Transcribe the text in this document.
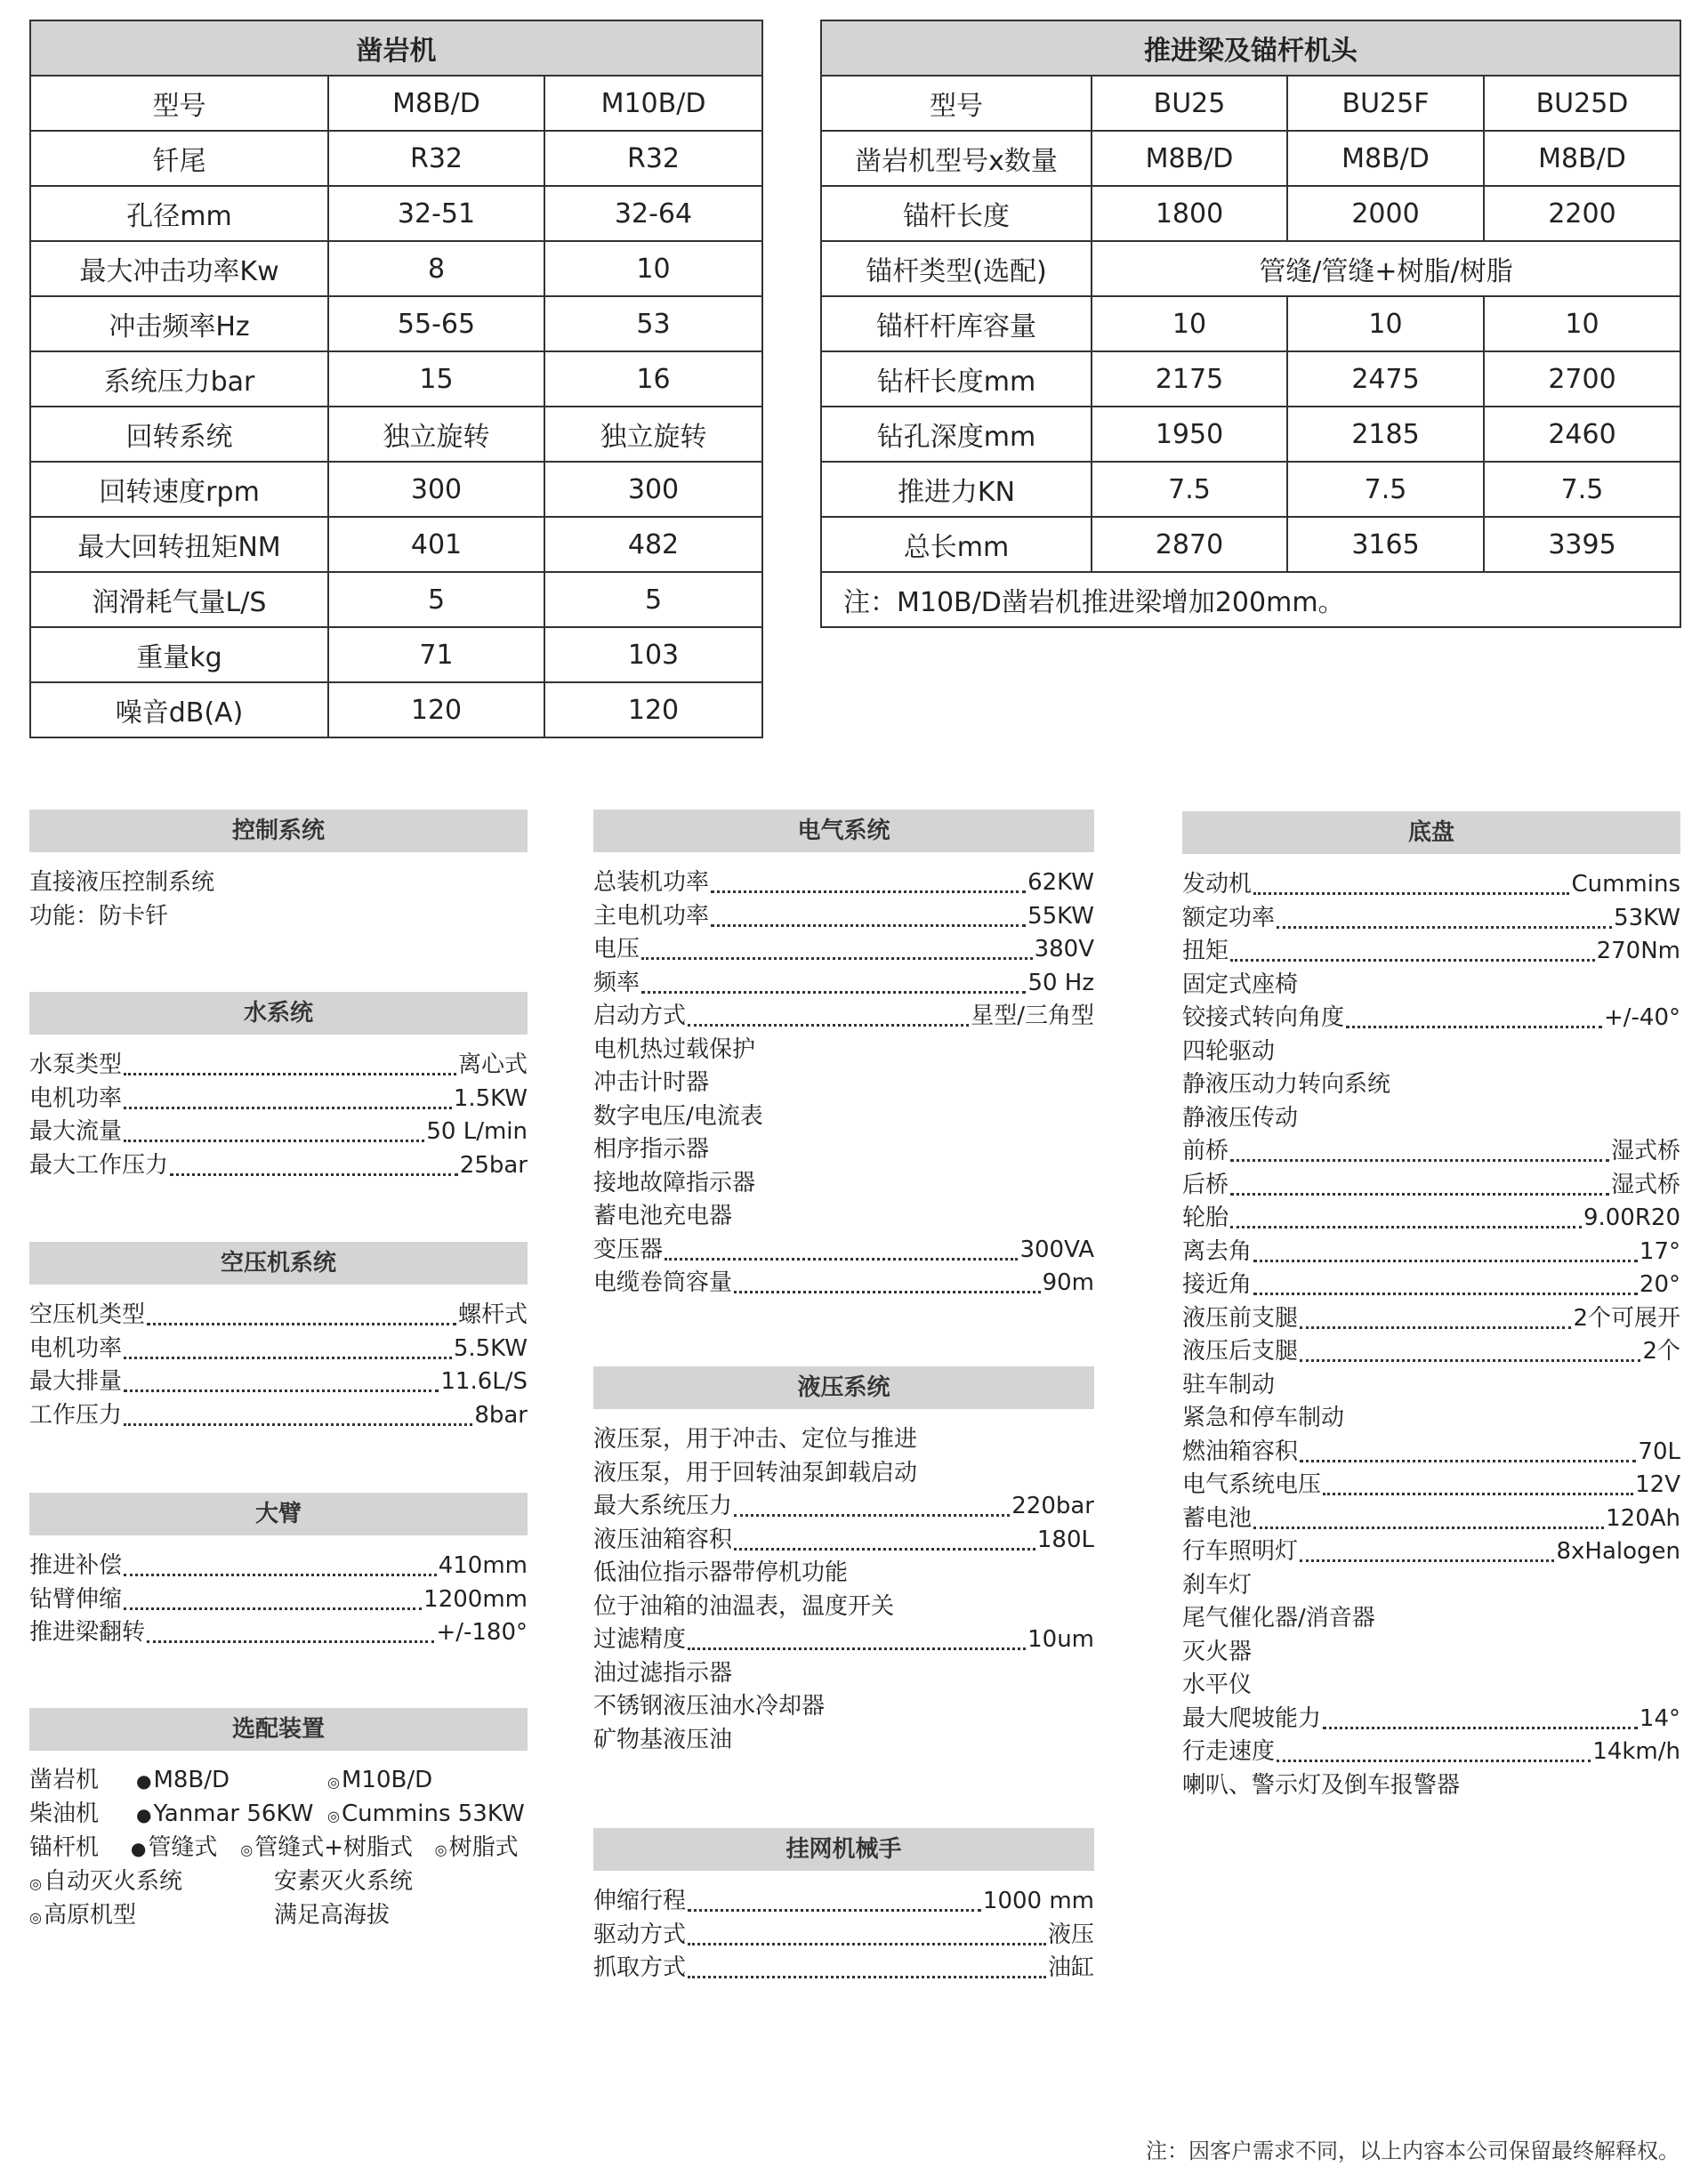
凿岩机		
型号	M8B/D	M10B/D
钎尾	R32	R32
孔径mm	32-51	32-64
最大冲击功率Kw	8	10
冲击频率Hz	55-65	53
系统压力bar	15	16
回转系统	独立旋转	独立旋转
回转速度rpm	300	300
最大回转扭矩NM	401	482
润滑耗气量L/S	5	5
重量kg	71	103
噪音dB(A)	120	120
推进梁及锚杆机头			
型号	BU25	BU25F	BU25D
凿岩机型号x数量	M8B/D	M8B/D	M8B/D
锚杆长度	1800	2000	2200
锚杆类型(选配)	管缝/管缝+树脂/树脂		
锚杆杆库容量	10	10	10
钻杆长度mm	2175	2475	2700
钻孔深度mm	1950	2185	2460
推进力KN	7.5	7.5	7.5
总长mm	2870	3165	3395
注：M10B/D凿岩机推进梁增加200mm。			
控制系统
直接液压控制系统
功能：防卡钎
水系统
水泵类型	离心式
电机功率	1.5KW
最大流量	50 L/min
最大工作压力	25bar
空压机系统
空压机类型	螺杆式
电机功率	5.5KW
最大排量	11.6L/S
工作压力	8bar
大臂
推进补偿	410mm
钻臂伸缩	1200mm
推进梁翻转	+/-180°
选配装置
凿岩机	● M8B/D	◎ M10B/D
柴油机	● Yanmar 56KW	◎ Cummins 53KW
锚杆机	● 管缝式	◎ 管缝式+树脂式	◎ 树脂式
◎ 自动灭火系统	安素灭火系统
◎ 高原机型	满足高海拔
电气系统
总装机功率	62KW
主电机功率	55KW
电压	380V
频率	50 Hz
启动方式	星型/三角型
电机热过载保护
冲击计时器
数字电压/电流表
相序指示器
接地故障指示器
蓄电池充电器
变压器	300VA
电缆卷筒容量	90m
液压系统
液压泵，用于冲击、定位与推进
液压泵，用于回转油泵卸载启动
最大系统压力	220bar
液压油箱容积	180L
低油位指示器带停机功能
位于油箱的油温表，温度开关
过滤精度	10um
油过滤指示器
不锈钢液压油水冷却器
矿物基液压油
挂网机械手
伸缩行程	1000 mm
驱动方式	液压
抓取方式	油缸
底盘
发动机	Cummins
额定功率	53KW
扭矩	270Nm
固定式座椅
铰接式转向角度	+/-40°
四轮驱动
静液压动力转向系统
静液压传动
前桥	湿式桥
后桥	湿式桥
轮胎	9.00R20
离去角	17°
接近角	20°
液压前支腿	2个可展开
液压后支腿	2个
驻车制动
紧急和停车制动
燃油箱容积	70L
电气系统电压	12V
蓄电池	120Ah
行车照明灯	8xHalogen
刹车灯
尾气催化器/消音器
灭火器
水平仪
最大爬坡能力	14°
行走速度	14km/h
喇叭、警示灯及倒车报警器
注：因客户需求不同，以上内容本公司保留最终解释权。
